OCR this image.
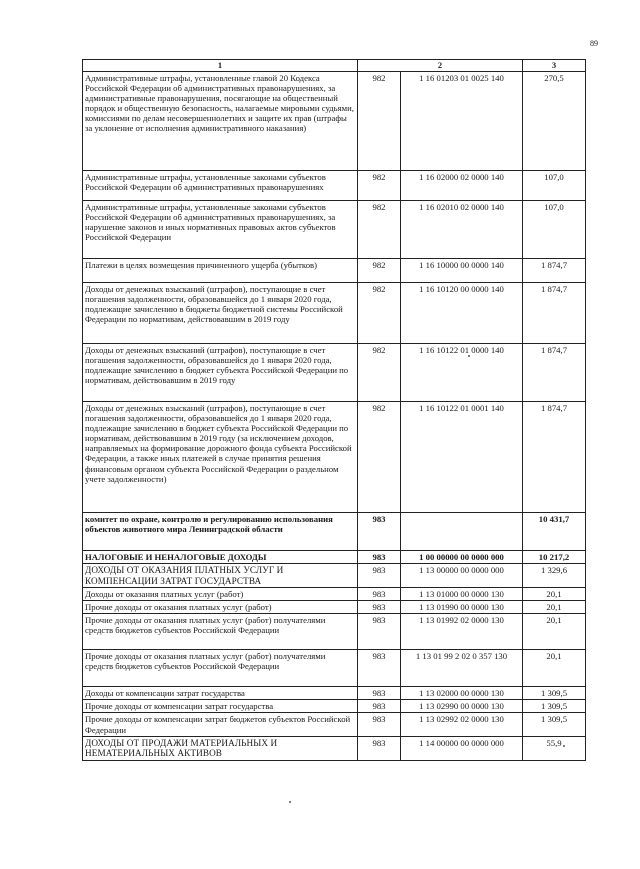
89
1	2		3
Административные штрафы, установленные главой 20 Кодекса Российской Федерации об административных правонарушениях, за административные правонарушения, посягающие на общественный порядок и общественную безопасность, налагаемые мировыми судьями, комиссиями по делам несовершеннолетних и защите их прав (штрафы за уклонение от исполнения административного наказания)	982	1 16 01203 01 0025 140	270,5
Административные штрафы, установленные законами субъектов Российской Федерации об административных правонарушениях	982	1 16 02000 02 0000 140	107,0
Административные штрафы, установленные законами субъектов Российской Федерации об административных правонарушениях, за нарушение законов и иных нормативных правовых актов субъектов Российской Федерации	982	1 16 02010 02 0000 140	107,0
Платежи в целях возмещения причиненного ущерба (убытков)	982	1 16 10000 00 0000 140	1 874,7
Доходы от денежных взысканий (штрафов), поступающие в счет погашения задолженности, образовавшейся до 1 января 2020 года, подлежащие зачислению в бюджеты бюджетной системы Российской Федерации по нормативам, действовавшим в 2019 году	982	1 16 10120 00 0000 140	1 874,7
Доходы от денежных взысканий (штрафов), поступающие в счет погашения задолженности, образовавшейся до 1 января 2020 года, подлежащие зачислению в бюджет субъекта Российской Федерации по нормативам, действовавшим в 2019 году	982	1 16 10122 01 0000 140	1 874,7
Доходы от денежных взысканий (штрафов), поступающие в счет погашения задолженности, образовавшейся до 1 января 2020 года, подлежащие зачислению в бюджет субъекта Российской Федерации по нормативам, действовавшим в 2019 году (за исключением доходов, направляемых на формирование дорожного фонда субъекта Российской Федерации, а также иных платежей в случае принятия решения финансовым органом субъекта Российской Федерации о раздельном учете задолженности)	982	1 16 10122 01 0001 140	1 874,7
комитет по охране, контролю и регулированию использования объектов животного мира Ленинградской области	983		10 431,7
НАЛОГОВЫЕ И НЕНАЛОГОВЫЕ ДОХОДЫ	983	1 00 00000 00 0000 000	10 217,2
ДОХОДЫ ОТ ОКАЗАНИЯ ПЛАТНЫХ УСЛУГ И КОМПЕНСАЦИИ ЗАТРАТ ГОСУДАРСТВА	983	1 13 00000 00 0000 000	1 329,6
Доходы от оказания платных услуг (работ)	983	1 13 01000 00 0000 130	20,1
Прочие доходы от оказания платных услуг (работ)	983	1 13 01990 00 0000 130	20,1
Прочие доходы от оказания платных услуг (работ) получателями средств бюджетов субъектов Российской Федерации	983	1 13 01992 02 0000 130	20,1
Прочие доходы от оказания платных услуг (работ) получателями средств бюджетов субъектов Российской Федерации	983	1 13 01 99 2 02 0 357 130	20,1
Доходы от компенсации затрат государства	983	1 13 02000 00 0000 130	1 309,5
Прочие доходы от компенсации затрат государства	983	1 13 02990 00 0000 130	1 309,5
Прочие доходы от компенсации затрат бюджетов субъектов Российской Федерации	983	1 13 02992 02 0000 130	1 309,5
ДОХОДЫ ОТ ПРОДАЖИ МАТЕРИАЛЬНЫХ И НЕМАТЕРИАЛЬНЫХ АКТИВОВ	983	1 14 00000 00 0000 000	55,9
